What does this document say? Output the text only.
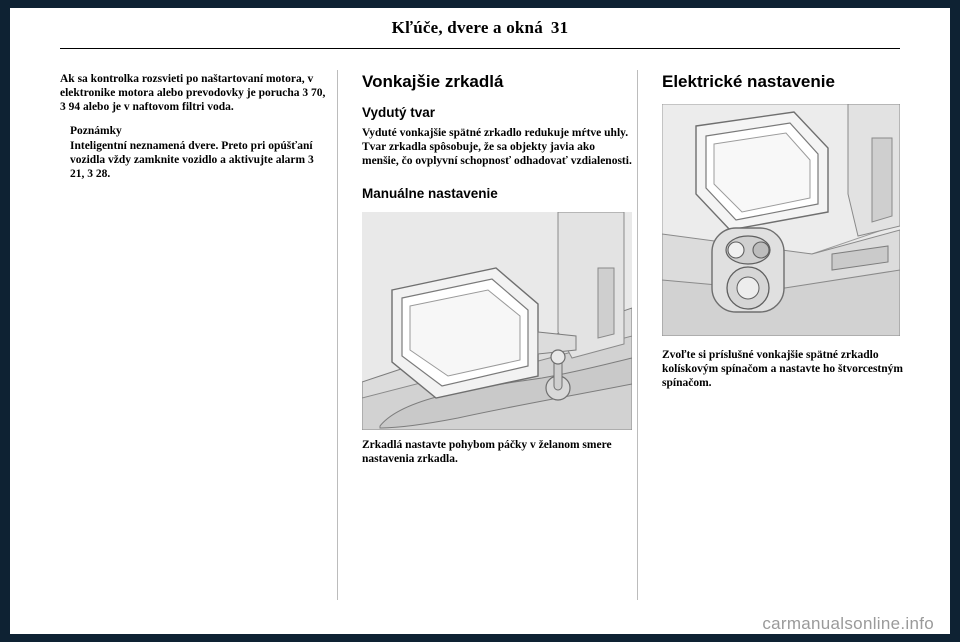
Kľúče, dvere a okná 31

Ak sa kontrolka rozsvieti po naštartovaní motora, v elektronike motora alebo prevodovky je porucha 3 70, 3 94 alebo je v naftovom filtri voda.

Poznámky

Inteligentní neznamená dvere. Preto pri opúšťaní vozidla vždy zamknite vozidlo a aktivujte alarm 3 21, 3 28.

Vonkajšie zrkadlá
Vydutý tvar

Vyduté vonkajšie spätné zrkadlo redukuje mŕtve uhly. Tvar zrkadla spôsobuje, že sa objekty javia ako menšie, čo ovplyvní schopnosť odhadovať vzdialenosti.

Manuálne nastavenie

Zrkadlá nastavte pohybom páčky v želanom smere nastavenia zrkadla.

Elektrické nastavenie

Zvoľte si príslušné vonkajšie spätné zrkadlo kolískovým spínačom a nastavte ho štvorcestným spínačom.

carmanualsonline.info
